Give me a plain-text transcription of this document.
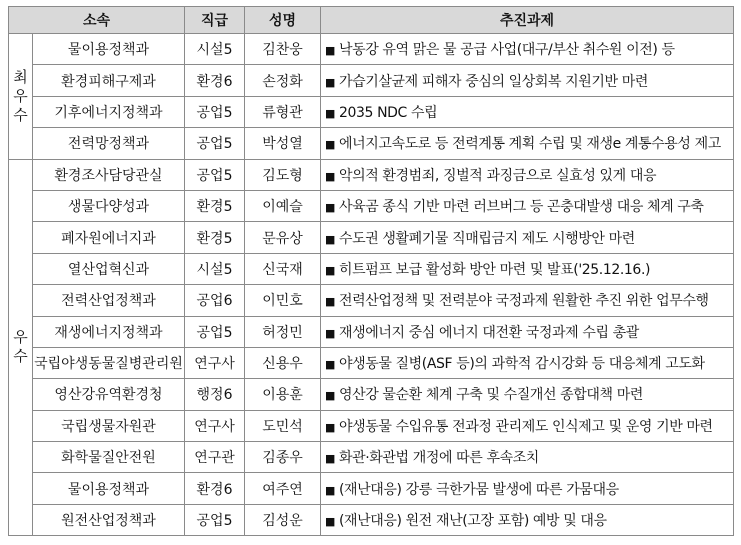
소속		직급	성명	추진과제
최우수	물이용정책과	시설5	김찬웅	■ 낙동강 유역 맑은 물 공급 사업(대구/부산 취수원 이전) 등
	환경피해구제과	환경6	손정화	■ 가습기살균제 피해자 중심의 일상회복 지원기반 마련
	기후에너지정책과	공업5	류형관	■ 2035 NDC 수립
	전력망정책과	공업5	박성열	■ 에너지고속도로 등 전력계통 계획 수립 및 재생e 계통수용성 제고
우수	환경조사담당관실	공업5	김도형	■ 악의적 환경범죄, 징벌적 과징금으로 실효성 있게 대응
	생물다양성과	환경5	이예슬	■ 사육곰 종식 기반 마련 러브버그 등 곤충대발생 대응 체계 구축
	폐자원에너지과	환경5	문유상	■ 수도권 생활폐기물 직매립금지 제도 시행방안 마련
	열산업혁신과	시설5	신국재	■ 히트펌프 보급 활성화 방안 마련 및 발표('25.12.16.)
	전력산업정책과	공업6	이민호	■ 전력산업정책 및 전력분야 국정과제 원활한 추진 위한 업무수행
	재생에너지정책과	공업5	허정민	■ 재생에너지 중심 에너지 대전환 국정과제 수립 총괄
	국립야생동물질병관리원	연구사	신용우	■ 야생동물 질병(ASF 등)의 과학적 감시강화 등 대응체계 고도화
	영산강유역환경청	행정6	이용훈	■ 영산강 물순환 체계 구축 및 수질개선 종합대책 마련
	국립생물자원관	연구사	도민석	■ 야생동물 수입유통 전과정 관리제도 인식제고 및 운영 기반 마련
	화학물질안전원	연구관	김종우	■ 화관·화관법 개정에 따른 후속조치
	물이용정책과	환경6	여주연	■ (재난대응) 강릉 극한가뭄 발생에 따른 가뭄대응
	원전산업정책과	공업5	김성운	■ (재난대응) 원전 재난(고장 포함) 예방 및 대응
